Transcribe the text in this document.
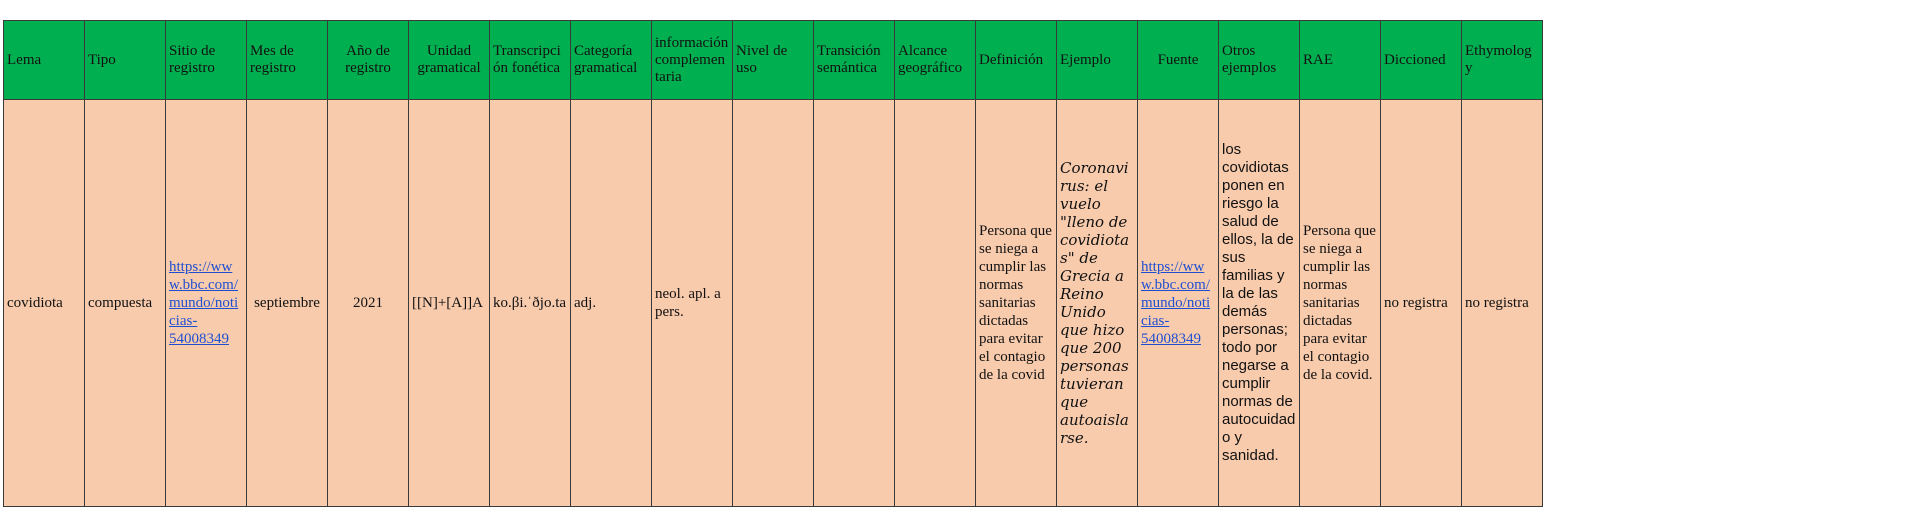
Lema	Tipo	Sitio de registro	Mes de registro	Año de registro	Unidad gramatical	Transcripción fonética	Categoría gramatical	información complementaria	Nivel de uso	Transición semántica	Alcance geográfico	Definición	Ejemplo	Fuente	Otros ejemplos	RAE	Diccioned	Ethymology
covidiota	compuesta	https://www.bbc.com/mundo/noticias-54008349	septiembre	2021	[[N]+[A]]A	ko.βi.ˈðjo.ta	adj.	neol. apl. a pers.				Persona que se niega a cumplir las normas sanitarias dictadas para evitar el contagio de la covid	Coronavirus: el vuelo "lleno de covidiotas" de Grecia a Reino Unido que hizo que 200 personas tuvieran que autoaislarse.	https://www.bbc.com/mundo/noticias-54008349	los covidiotas ponen en riesgo la salud de ellos, la de sus familias y la de las demás personas; todo por negarse a cumplir normas de autocuidado y sanidad.	Persona que se niega a cumplir las normas sanitarias dictadas para evitar el contagio de la covid.	no registra	no registra
